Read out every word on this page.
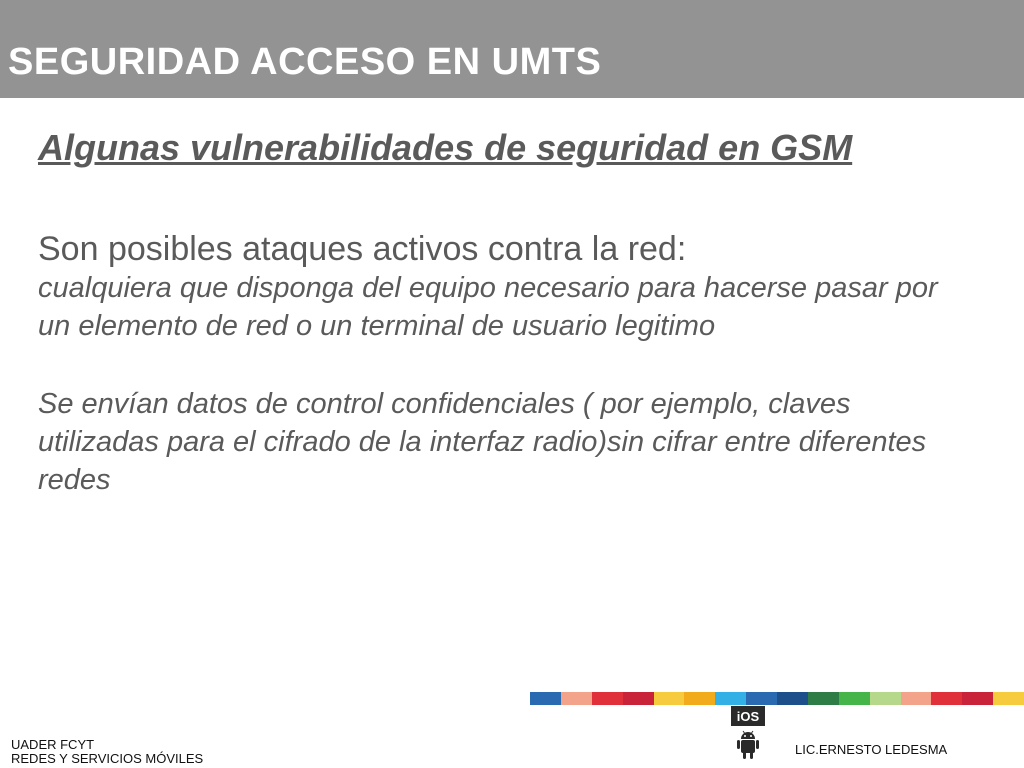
SEGURIDAD ACCESO EN UMTS

Algunas vulnerabilidades de seguridad en GSM

Son posibles ataques activos contra la red:
cualquiera que disponga del equipo necesario para hacerse pasar por un elemento de red o un terminal de usuario legitimo
Se envían datos de control confidenciales ( por ejemplo, claves utilizadas para el cifrado de la interfaz radio)sin cifrar entre diferentes redes
iOS
UADER FCYT
REDES Y SERVICIOS MÓVILES
LIC.ERNESTO LEDESMA
